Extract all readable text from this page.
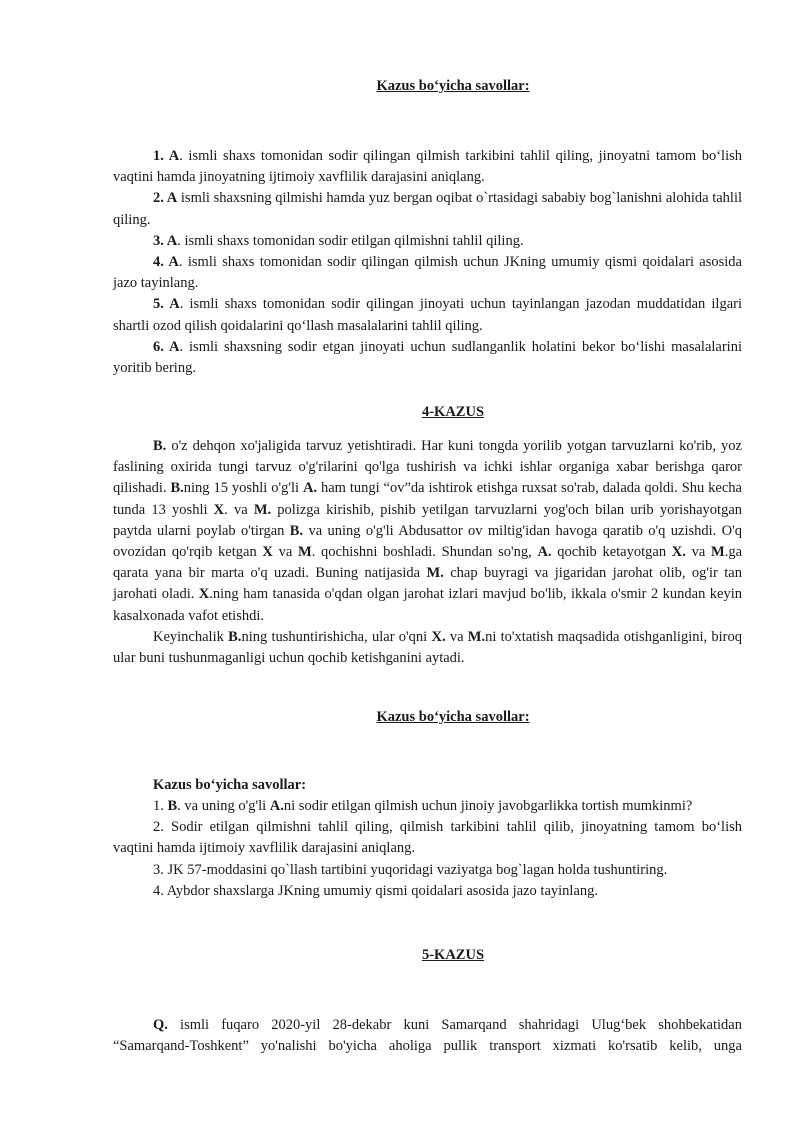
Kazus bo‘yicha savollar:

1. A. ismli shaxs tomonidan sodir qilingan qilmish tarkibini tahlil qiling, jinoyatni tamom bo‘lish vaqtini hamda jinoyatning ijtimoiy xavflilik darajasini aniqlang.

2. A ismli shaxsning qilmishi hamda yuz bergan oqibat o`rtasidagi sababiy bog`lanishni alohida tahlil qiling.

3. A. ismli shaxs tomonidan sodir etilgan qilmishni tahlil qiling.

4. A. ismli shaxs tomonidan sodir qilingan qilmish uchun JKning umumiy qismi qoidalari asosida jazo tayinlang.

5. A. ismli shaxs tomonidan sodir qilingan jinoyati uchun tayinlangan jazodan muddatidan ilgari shartli ozod qilish qoidalarini qo‘llash masalalarini tahlil qiling.

6. A. ismli shaxsning sodir etgan jinoyati uchun sudlanganlik holatini bekor bo‘lishi masalalarini yoritib bering.

4-KAZUS

B. o'z dehqon xo'jaligida tarvuz yetishtiradi. Har kuni tongda yorilib yotgan tarvuzlarni ko'rib, yoz faslining oxirida tungi tarvuz o'g'rilarini qo'lga tushirish va ichki ishlar organiga xabar berishga qaror qilishadi. B.ning 15 yoshli o'g'li A. ham tungi “ov”da ishtirok etishga ruxsat so'rab, dalada qoldi. Shu kecha tunda 13 yoshli X. va M. polizga kirishib, pishib yetilgan tarvuzlarni yog'och bilan urib yorishayotgan paytda ularni poylab o'tirgan B. va uning o'g'li Abdusattor ov miltig'idan havoga qaratib o'q uzishdi. O'q ovozidan qo'rqib ketgan X va M. qochishni boshladi. Shundan so'ng, A. qochib ketayotgan X. va M.ga qarata yana bir marta o'q uzadi. Buning natijasida M. chap buyragi va jigaridan jarohat olib, og'ir tan jarohati oladi. X.ning ham tanasida o'qdan olgan jarohat izlari mavjud bo'lib, ikkala o'smir 2 kundan keyin kasalxonada vafot etishdi.

Keyinchalik B.ning tushuntirishicha, ular o'qni X. va M.ni to'xtatish maqsadida otishganligini, biroq ular buni tushunmaganligi uchun qochib ketishganini aytadi.

Kazus bo‘yicha savollar:
Kazus bo‘yicha savollar:

1. B. va uning o'g'li A.ni sodir etilgan qilmish uchun jinoiy javobgarlikka tortish mumkinmi?

2. Sodir etilgan qilmishni tahlil qiling, qilmish tarkibini tahlil qilib, jinoyatning tamom bo‘lish vaqtini hamda ijtimoiy xavflilik darajasini aniqlang.

3. JK 57-moddasini qo`llash tartibini yuqoridagi vaziyatga bog`lagan holda tushuntiring.

4. Aybdor shaxslarga JKning umumiy qismi qoidalari asosida jazo tayinlang.

5-KAZUS

Q. ismli fuqaro 2020-yil 28-dekabr kuni Samarqand shahridagi Ulug‘bek shohbekatidan “Samarqand-Toshkent” yo'nalishi bo'yicha aholiga pullik transport xizmati ko'rsatib kelib, unga
